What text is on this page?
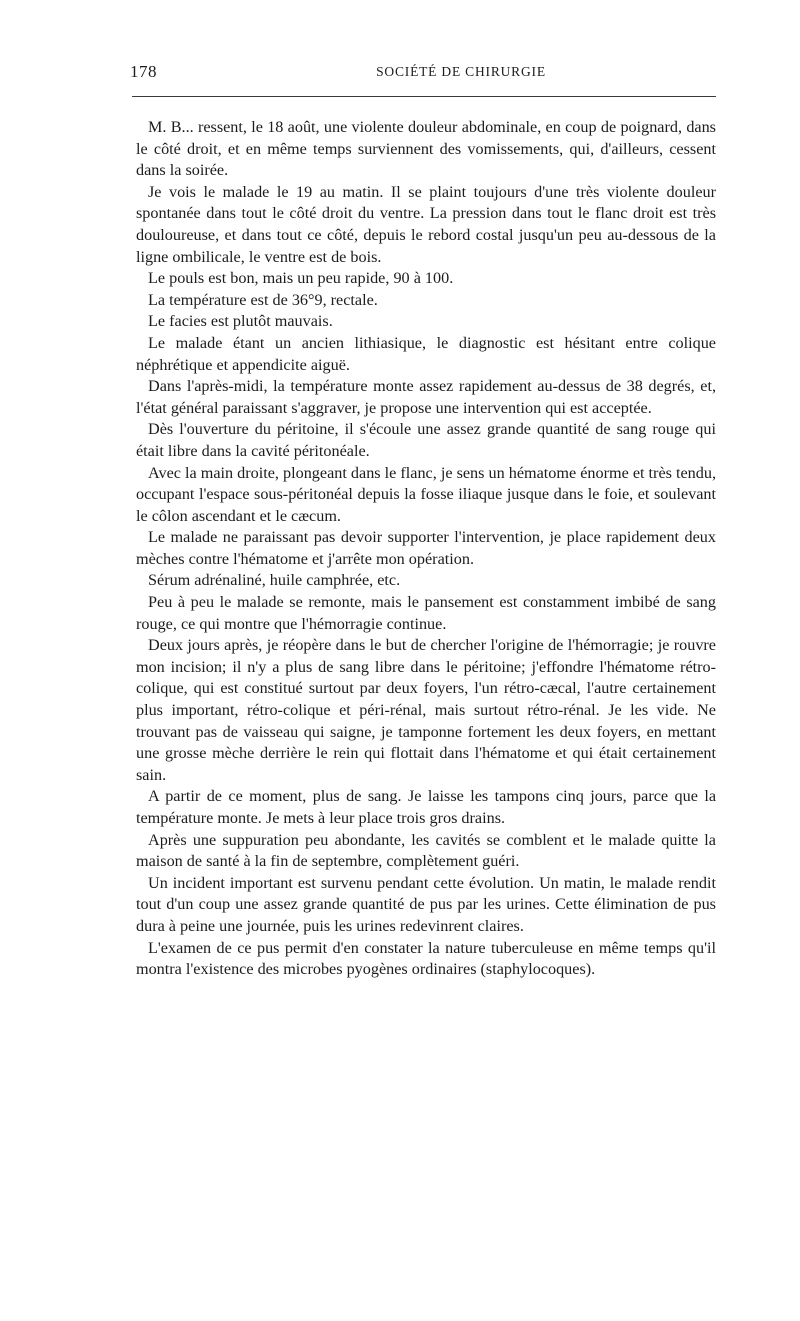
178	SOCIÉTÉ DE CHIRURGIE

M. B... ressent, le 18 août, une violente douleur abdominale, en coup de poignard, dans le côté droit, et en même temps surviennent des vomissements, qui, d'ailleurs, cessent dans la soirée.

Je vois le malade le 19 au matin. Il se plaint toujours d'une très violente douleur spontanée dans tout le côté droit du ventre. La pression dans tout le flanc droit est très douloureuse, et dans tout ce côté, depuis le rebord costal jusqu'un peu au-dessous de la ligne ombilicale, le ventre est de bois.

Le pouls est bon, mais un peu rapide, 90 à 100.

La température est de 36°9, rectale.

Le facies est plutôt mauvais.

Le malade étant un ancien lithiasique, le diagnostic est hésitant entre colique néphrétique et appendicite aiguë.

Dans l'après-midi, la température monte assez rapidement au-dessus de 38 degrés, et, l'état général paraissant s'aggraver, je propose une intervention qui est acceptée.

Dès l'ouverture du péritoine, il s'écoule une assez grande quantité de sang rouge qui était libre dans la cavité péritonéale.

Avec la main droite, plongeant dans le flanc, je sens un hématome énorme et très tendu, occupant l'espace sous-péritonéal depuis la fosse iliaque jusque dans le foie, et soulevant le côlon ascendant et le cæcum.

Le malade ne paraissant pas devoir supporter l'intervention, je place rapidement deux mèches contre l'hématome et j'arrête mon opération.

Sérum adrénaliné, huile camphrée, etc.

Peu à peu le malade se remonte, mais le pansement est constamment imbibé de sang rouge, ce qui montre que l'hémorragie continue.

Deux jours après, je réopère dans le but de chercher l'origine de l'hémorragie; je rouvre mon incision; il n'y a plus de sang libre dans le péritoine; j'effondre l'hématome rétro-colique, qui est constitué surtout par deux foyers, l'un rétro-cæcal, l'autre certainement plus important, rétro-colique et péri-rénal, mais surtout rétro-rénal. Je les vide. Ne trouvant pas de vaisseau qui saigne, je tamponne fortement les deux foyers, en mettant une grosse mèche derrière le rein qui flottait dans l'hématome et qui était certainement sain.

A partir de ce moment, plus de sang. Je laisse les tampons cinq jours, parce que la température monte. Je mets à leur place trois gros drains.

Après une suppuration peu abondante, les cavités se comblent et le malade quitte la maison de santé à la fin de septembre, complètement guéri.

Un incident important est survenu pendant cette évolution. Un matin, le malade rendit tout d'un coup une assez grande quantité de pus par les urines. Cette élimination de pus dura à peine une journée, puis les urines redevinrent claires.

L'examen de ce pus permit d'en constater la nature tuberculeuse en même temps qu'il montra l'existence des microbes pyogènes ordinaires (staphylocoques).
